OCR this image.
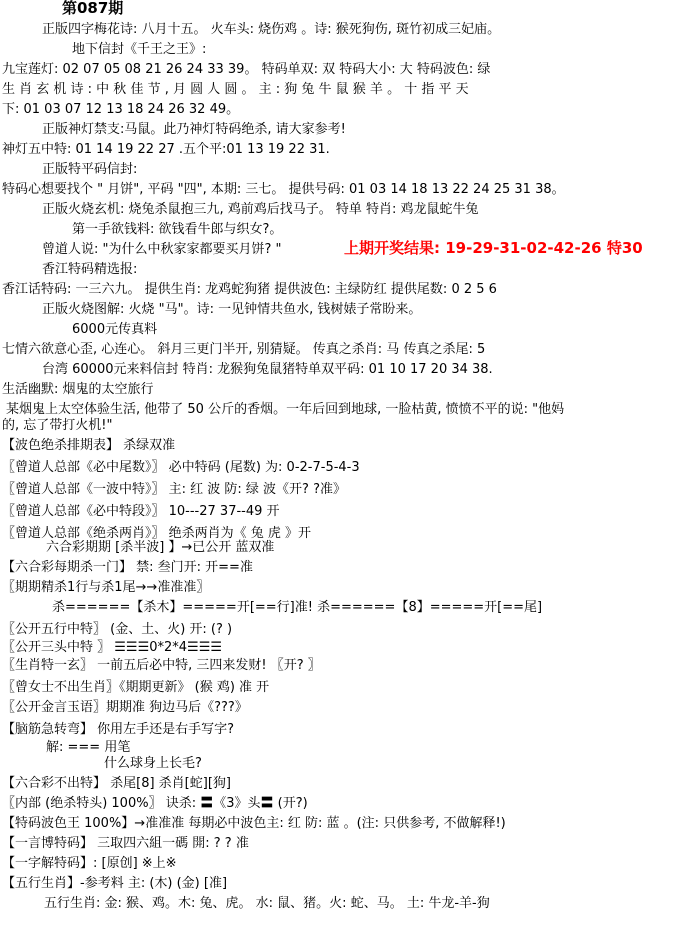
第087期
正版四字梅花诗: 八月十五。 火车头: 烧伤鸡 。诗: 猴死狗伤, 斑竹初成三妃庙。
地下信封《千王之王》:
九宝莲灯: 02 07 05 08 21 26 24 33 39。 特码单双: 双 特码大小: 大 特码波色: 绿
生 肖 玄 机 诗 : 中 秋 佳 节 , 月 圆 人 圆 。 主 : 狗 兔 牛 鼠 猴 羊 。 十 指 平 天
下: 01 03 07 12 13 18 24 26 32 49。
正版神灯禁支:马鼠。此乃神灯特码绝杀, 请大家参考!
神灯五中特: 01 14 19 22 27 .五个平:01 13 19 22 31.
正版特平码信封:
特码心想要找个 " 月饼", 平码 "四", 本期: 三七。 提供号码: 01 03 14 18 13 22 24 25 31 38。
正版火烧玄机: 烧兔杀鼠抱三九, 鸡前鸡后找马子。 特单 特肖: 鸡龙鼠蛇牛兔
第一手欲钱料: 欲钱看牛郎与织女?。
曾道人说: "为什么中秋家家都要买月饼? "	上期开奖结果: 19-29-31-02-42-26 特30
香江特码精选报:
香江话特码: 一三六九。 提供生肖: 龙鸡蛇狗猪 提供波色: 主绿防红 提供尾数: 0 2 5 6
正版火烧图解: 火烧 "马"。诗: 一见钟情共鱼水, 钱树婊子常盼来。
6000元传真料
七情六欲意心歪, 心连心。 斜月三更门半开, 别猜疑。 传真之杀肖: 马 传真之杀尾: 5
台湾 60000元来料信封 特肖: 龙猴狗兔鼠猪特单双平码: 01 10 17 20 34 38.
生活幽默: 烟鬼的太空旅行
某烟鬼上太空体验生活, 他带了 50 公斤的香烟。一年后回到地球, 一脸枯黄, 愤愤不平的说: "他妈
的, 忘了带打火机!"
【波色绝杀排期表】 杀绿双准
〖曾道人总部《必中尾数》〗 必中特码 (尾数) 为: 0-2-7-5-4-3
〖曾道人总部《一波中特》〗 主: 红 波 防: 绿 波《开? ?准》
〖曾道人总部《必中特段》〗 10---27 37--49 开
〖曾道人总部《绝杀两肖》〗 绝杀两肖为《 兔 虎 》开
六合彩期期 [杀半波] 】→已公开 蓝双准
【六合彩每期杀一门】 禁: 叁门开: 开==准
〖期期精杀1行与杀1尾→→准准准〗
杀======【杀木】=====开[==行]准! 杀======【8】=====开[==尾]
〖公开五行中特〗 (金、土、火) 开: (? )
〖公开三头中特 〗 ☰☰☰0*2*4☰☰☰
〖生肖特一玄〗 一前五后必中特, 三四来发财! 〖开? 〗
〖曾女士不出生肖〗《期期更新》 (猴 鸡) 准 开
〖公开金言玉语〗期期准 狗边马后《???》
【脑筋急转弯】 你用左手还是右手写字?
解: === 用笔
什么球身上长毛?
【六合彩不出特】 杀尾[8] 杀肖[蛇][狗]
〖内部 (绝杀特头) 100%〗 诀杀: 〓《3》头〓 (开?)
【特码波色王 100%】→准准准 每期必中波色主: 红 防: 蓝 。(注: 只供参考, 不做解释!)
【一言博特码】 三取四六組一碼 開: ? ? 准
【一字解特码】: [原创] ※上※
【五行生肖】-参考料 主: (木) (金) [准]
五行生肖: 金: 猴、鸡。木: 兔、虎。 水: 鼠、猪。火: 蛇、马。 土: 牛龙-羊-狗
